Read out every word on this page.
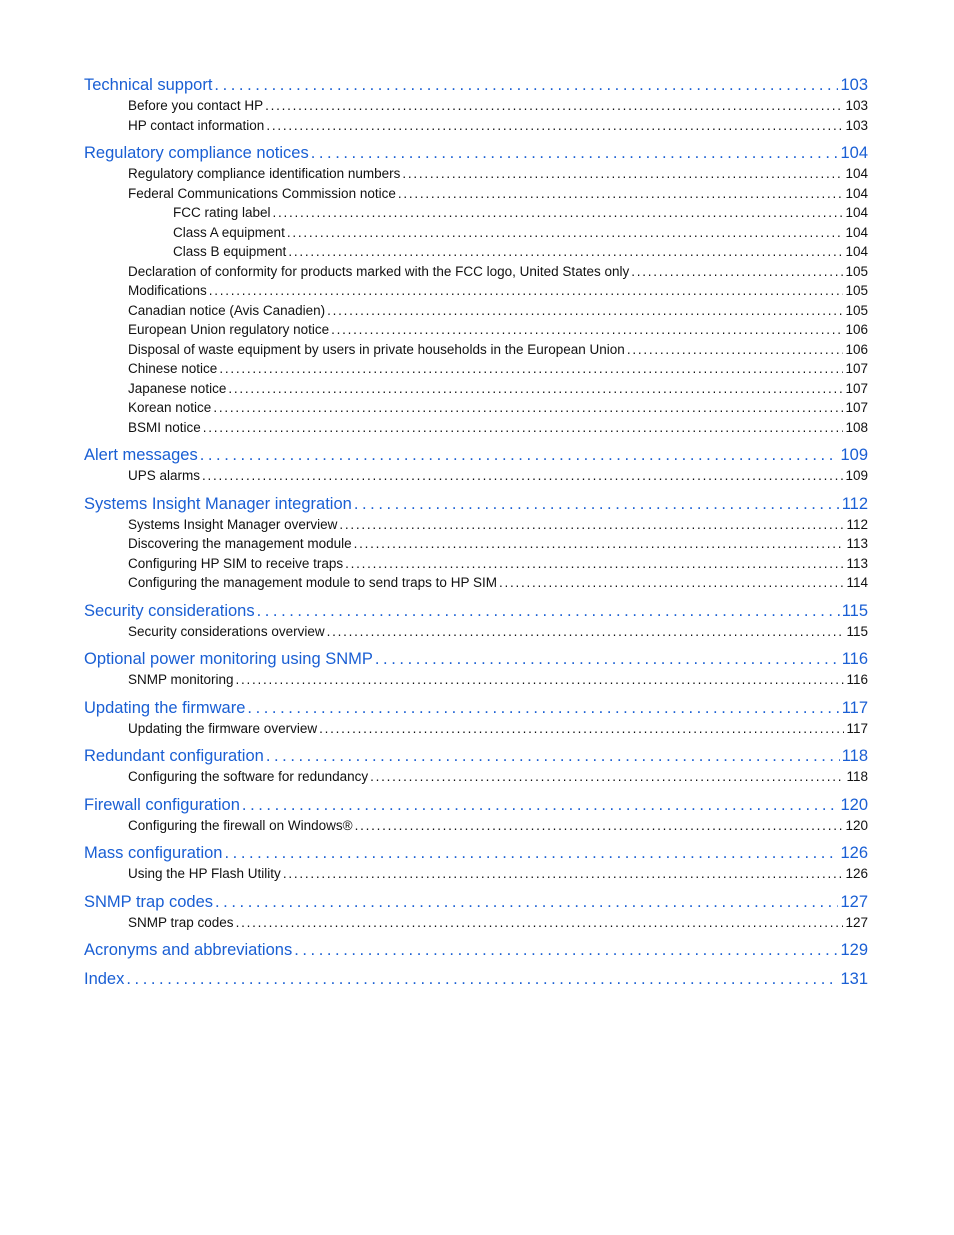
Technical support . . .	103
Before you contact HP . . .	103
HP contact information . . .	103
Regulatory compliance notices . . .	104
Regulatory compliance identification numbers . . .	104
Federal Communications Commission notice . . .	104
FCC rating label . . .	104
Class A equipment . . .	104
Class B equipment . . .	104
Declaration of conformity for products marked with the FCC logo, United States only . . .	105
Modifications . . .	105
Canadian notice (Avis Canadien) . . .	105
European Union regulatory notice . . .	106
Disposal of waste equipment by users in private households in the European Union . . .	106
Chinese notice . . .	107
Japanese notice . . .	107
Korean notice . . .	107
BSMI notice . . .	108
Alert messages . . .	109
UPS alarms . . .	109
Systems Insight Manager integration . . .	112
Systems Insight Manager overview . . .	112
Discovering the management module . . .	113
Configuring HP SIM to receive traps . . .	113
Configuring the management module to send traps to HP SIM . . .	114
Security considerations . . .	115
Security considerations overview . . .	115
Optional power monitoring using SNMP . . .	116
SNMP monitoring . . .	116
Updating the firmware . . .	117
Updating the firmware overview . . .	117
Redundant configuration . . .	118
Configuring the software for redundancy . . .	118
Firewall configuration . . .	120
Configuring the firewall on Windows® . . .	120
Mass configuration . . .	126
Using the HP Flash Utility . . .	126
SNMP trap codes . . .	127
SNMP trap codes . . .	127
Acronyms and abbreviations . . .	129
Index . . .	131
